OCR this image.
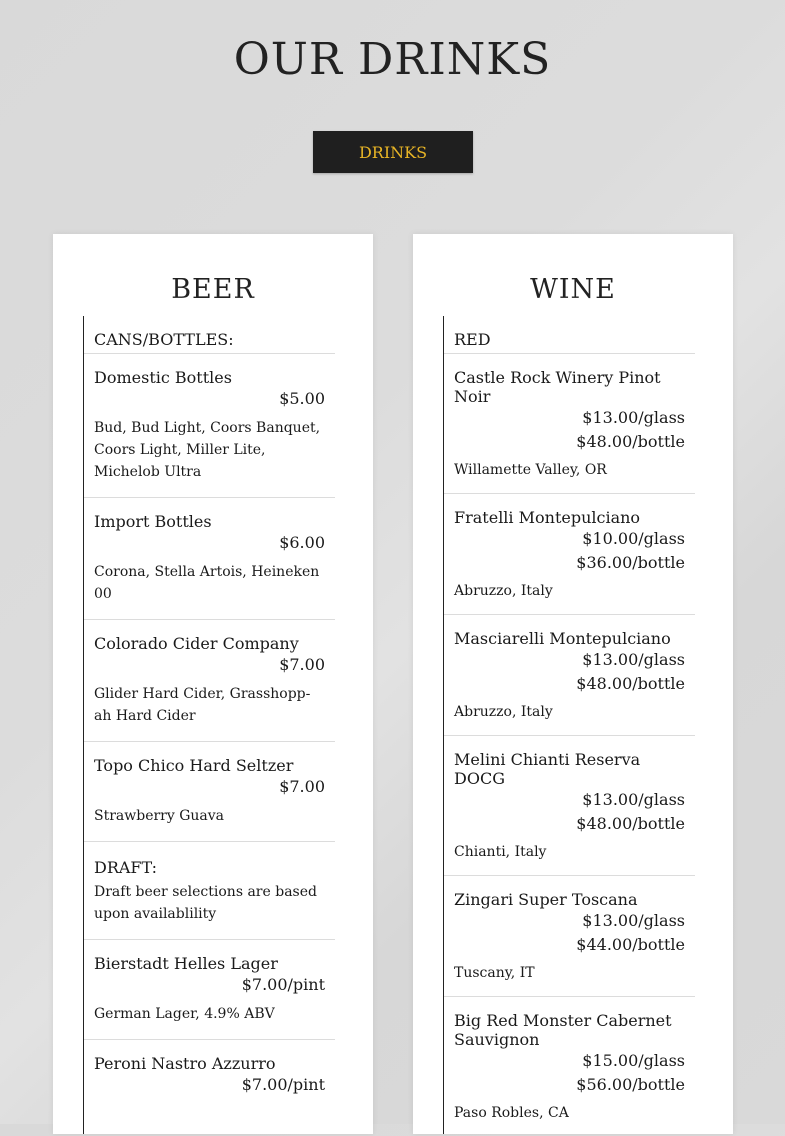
OUR DRINKS
DRINKS
BEER
CANS/BOTTLES:
Domestic Bottles
$5.00
Bud, Bud Light, Coors Banquet, Coors Light, Miller Lite, Michelob Ultra
Import Bottles
$6.00
Corona, Stella Artois, Heineken 00
Colorado Cider Company
$7.00
Glider Hard Cider, Grasshopp-ah Hard Cider
Topo Chico Hard Seltzer
$7.00
Strawberry Guava
DRAFT:
Draft beer selections are based upon availablility
Bierstadt Helles Lager
$7.00/pint
German Lager, 4.9% ABV
Peroni Nastro Azzurro
$7.00/pint
WINE
RED
Castle Rock Winery Pinot Noir
$13.00/glass
$48.00/bottle
Willamette Valley, OR
Fratelli Montepulciano
$10.00/glass
$36.00/bottle
Abruzzo, Italy
Masciarelli Montepulciano
$13.00/glass
$48.00/bottle
Abruzzo, Italy
Melini Chianti Reserva DOCG
$13.00/glass
$48.00/bottle
Chianti, Italy
Zingari Super Toscana
$13.00/glass
$44.00/bottle
Tuscany, IT
Big Red Monster Cabernet Sauvignon
$15.00/glass
$56.00/bottle
Paso Robles, CA
